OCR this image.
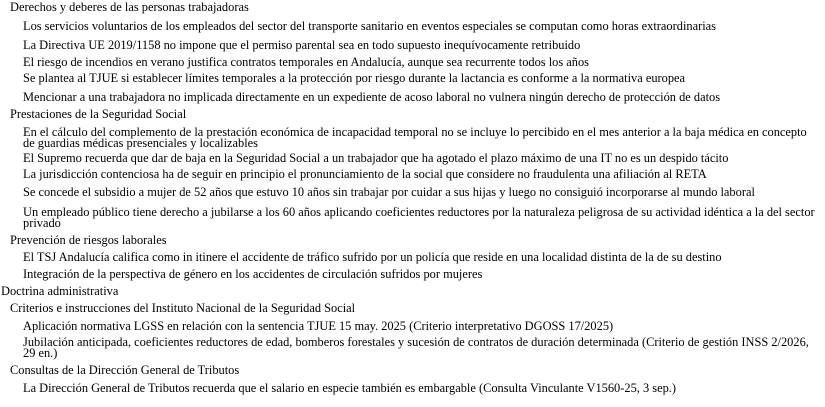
Derechos y deberes de las personas trabajadoras
Los servicios voluntarios de los empleados del sector del transporte sanitario en eventos especiales se computan como horas extraordinarias
La Directiva UE 2019/1158 no impone que el permiso parental sea en todo supuesto inequívocamente retribuido
El riesgo de incendios en verano justifica contratos temporales en Andalucía, aunque sea recurrente todos los años
Se plantea al TJUE si establecer límites temporales a la protección por riesgo durante la lactancia es conforme a la normativa europea
Mencionar a una trabajadora no implicada directamente en un expediente de acoso laboral no vulnera ningún derecho de protección de datos
Prestaciones de la Seguridad Social
En el cálculo del complemento de la prestación económica de incapacidad temporal no se incluye lo percibido en el mes anterior a la baja médica en concepto de guardias médicas presenciales y localizables
El Supremo recuerda que dar de baja en la Seguridad Social a un trabajador que ha agotado el plazo máximo de una IT no es un despido tácito
La jurisdicción contenciosa ha de seguir en principio el pronunciamiento de la social que considere no fraudulenta una afiliación al RETA
Se concede el subsidio a mujer de 52 años que estuvo 10 años sin trabajar por cuidar a sus hijas y luego no consiguió incorporarse al mundo laboral
Un empleado público tiene derecho a jubilarse a los 60 años aplicando coeficientes reductores por la naturaleza peligrosa de su actividad idéntica a la del sector privado
Prevención de riesgos laborales
El TSJ Andalucía califica como in itinere el accidente de tráfico sufrido por un policía que reside en una localidad distinta de la de su destino
Integración de la perspectiva de género en los accidentes de circulación sufridos por mujeres
Doctrina administrativa
Criterios e instrucciones del Instituto Nacional de la Seguridad Social
Aplicación normativa LGSS en relación con la sentencia TJUE 15 may. 2025 (Criterio interpretativo DGOSS 17/2025)
Jubilación anticipada, coeficientes reductores de edad, bomberos forestales y sucesión de contratos de duración determinada (Criterio de gestión INSS 2/2026, 29 en.)
Consultas de la Dirección General de Tributos
La Dirección General de Tributos recuerda que el salario en especie también es embargable (Consulta Vinculante V1560-25, 3 sep.)
